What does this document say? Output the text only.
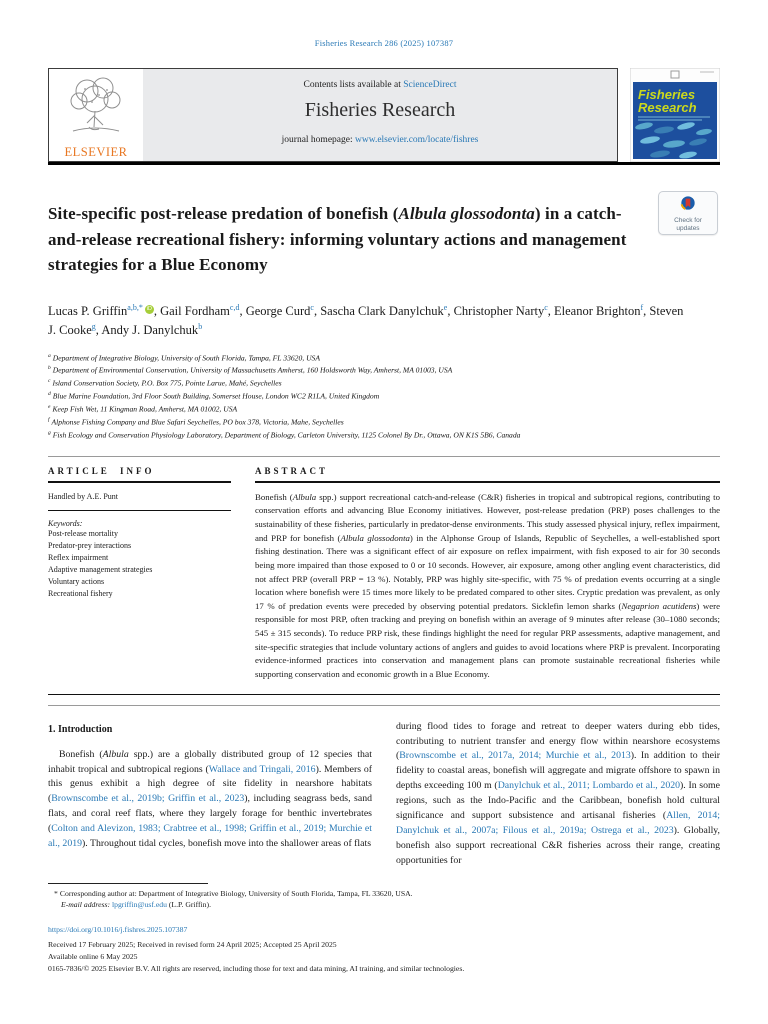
Fisheries Research 286 (2025) 107387
ELSEVIER
Contents lists available at ScienceDirect
Fisheries Research
journal homepage: www.elsevier.com/locate/fishres
Fisheries
Research
Site-specific post-release predation of bonefish (Albula glossodonta) in a catch-and-release recreational fishery: informing voluntary actions and management strategies for a Blue Economy
Check for
updates
Lucas P. Griffin$^{a,b,*}$ iD , Gail Fordham$^{c,d}$ , George Curd$^c$ , Sascha Clark Danylchuk$^e$ , Christopher Narty$^c$ , Eleanor Brighton$^f$ , Steven J. Cooke$^g$ , Andy J. Danylchuk$^b$
$^a$ Department of Integrative Biology, University of South Florida, Tampa, FL 33620, USA
$^b$ Department of Environmental Conservation, University of Massachusetts Amherst, 160 Holdsworth Way, Amherst, MA 01003, USA
$^c$ Island Conservation Society, P.O. Box 775, Pointe Larue, Mahé, Seychelles
$^d$ Blue Marine Foundation, 3rd Floor South Building, Somerset House, London WC2 R1LA, United Kingdom
$^e$ Keep Fish Wet, 11 Kingman Road, Amherst, MA 01002, USA
$^f$ Alphonse Fishing Company and Blue Safari Seychelles, PO box 378, Victoria, Mahe, Seychelles
$^g$ Fish Ecology and Conservation Physiology Laboratory, Department of Biology, Carleton University, 1125 Colonel By Dr., Ottawa, ON K1S 5B6, Canada
ARTICLE INFO
Handled by A.E. Punt
Keywords:
Post-release mortality
Predator-prey interactions
Reflex impairment
Adaptive management strategies
Voluntary actions
Recreational fishery
ABSTRACT

Bonefish (Albula spp.) support recreational catch-and-release (C&R) fisheries in tropical and subtropical regions, contributing to conservation efforts and advancing Blue Economy initiatives. However, post-release predation (PRP) poses challenges to the sustainability of these fisheries, particularly in predator-dense environments. This study assessed physical injury, reflex impairment, and PRP for bonefish (Albula glossodonta) in the Alphonse Group of Islands, Republic of Seychelles, a well-established sport fishing destination. There was a significant effect of air exposure on reflex impairment, with fish exposed to air for 30 seconds being more impaired than those exposed to 0 or 10 seconds. However, air exposure, among other angling event characteristics, did not affect PRP (overall PRP = 13 %). Notably, PRP was highly site-specific, with 75 % of predation events occurring at a single location where bonefish were 15 times more likely to be predated compared to other sites. Cryptic predation was prevalent, as only 17 % of predation events were preceded by observing potential predators. Sicklefin lemon sharks (Negaprion acutidens) were responsible for most PRP, often tracking and preying on bonefish within an average of 9 minutes after release (30–1080 seconds; 545 ± 315 seconds). To reduce PRP risk, these findings highlight the need for regular PRP assessments, adaptive management, and site-specific strategies that include voluntary actions of anglers and guides to avoid locations where PRP is prevalent. Incorporating evidence-informed practices into conservation and management plans can promote sustainable recreational fisheries while supporting conservation and economic growth in a Blue Economy.

1. Introduction

Bonefish (Albula spp.) are a globally distributed group of 12 species that inhabit tropical and subtropical regions (Wallace and Tringali, 2016). Members of this genus exhibit a high degree of site fidelity in nearshore habitats (Brownscombe et al., 2019b; Griffin et al., 2023), including seagrass beds, sand flats, and coral reef flats, where they largely forage for benthic invertebrates (Colton and Alevizon, 1983; Crabtree et al., 1998; Griffin et al., 2019; Murchie et al., 2019). Throughout tidal cycles, bonefish move into the shallower areas of flats

during flood tides to forage and retreat to deeper waters during ebb tides, contributing to nutrient transfer and energy flow within nearshore ecosystems (Brownscombe et al., 2017a, 2014; Murchie et al., 2013). In addition to their fidelity to coastal areas, bonefish will aggregate and migrate offshore to spawn in depths exceeding 100 m (Danylchuk et al., 2011; Lombardo et al., 2020). In some regions, such as the Indo-Pacific and the Caribbean, bonefish hold cultural significance and support subsistence and artisanal fisheries (Allen, 2014; Danylchuk et al., 2007a; Filous et al., 2019a; Ostrega et al., 2023). Globally, bonefish also support recreational C&R fisheries across their range, creating opportunities for

* Corresponding author at: Department of Integrative Biology, University of South Florida, Tampa, FL 33620, USA.
E-mail address: lpgriffin@usf.edu (L.P. Griffin).
https://doi.org/10.1016/j.fishres.2025.107387
Received 17 February 2025; Received in revised form 24 April 2025; Accepted 25 April 2025
Available online 6 May 2025
0165-7836/© 2025 Elsevier B.V. All rights are reserved, including those for text and data mining, AI training, and similar technologies.
